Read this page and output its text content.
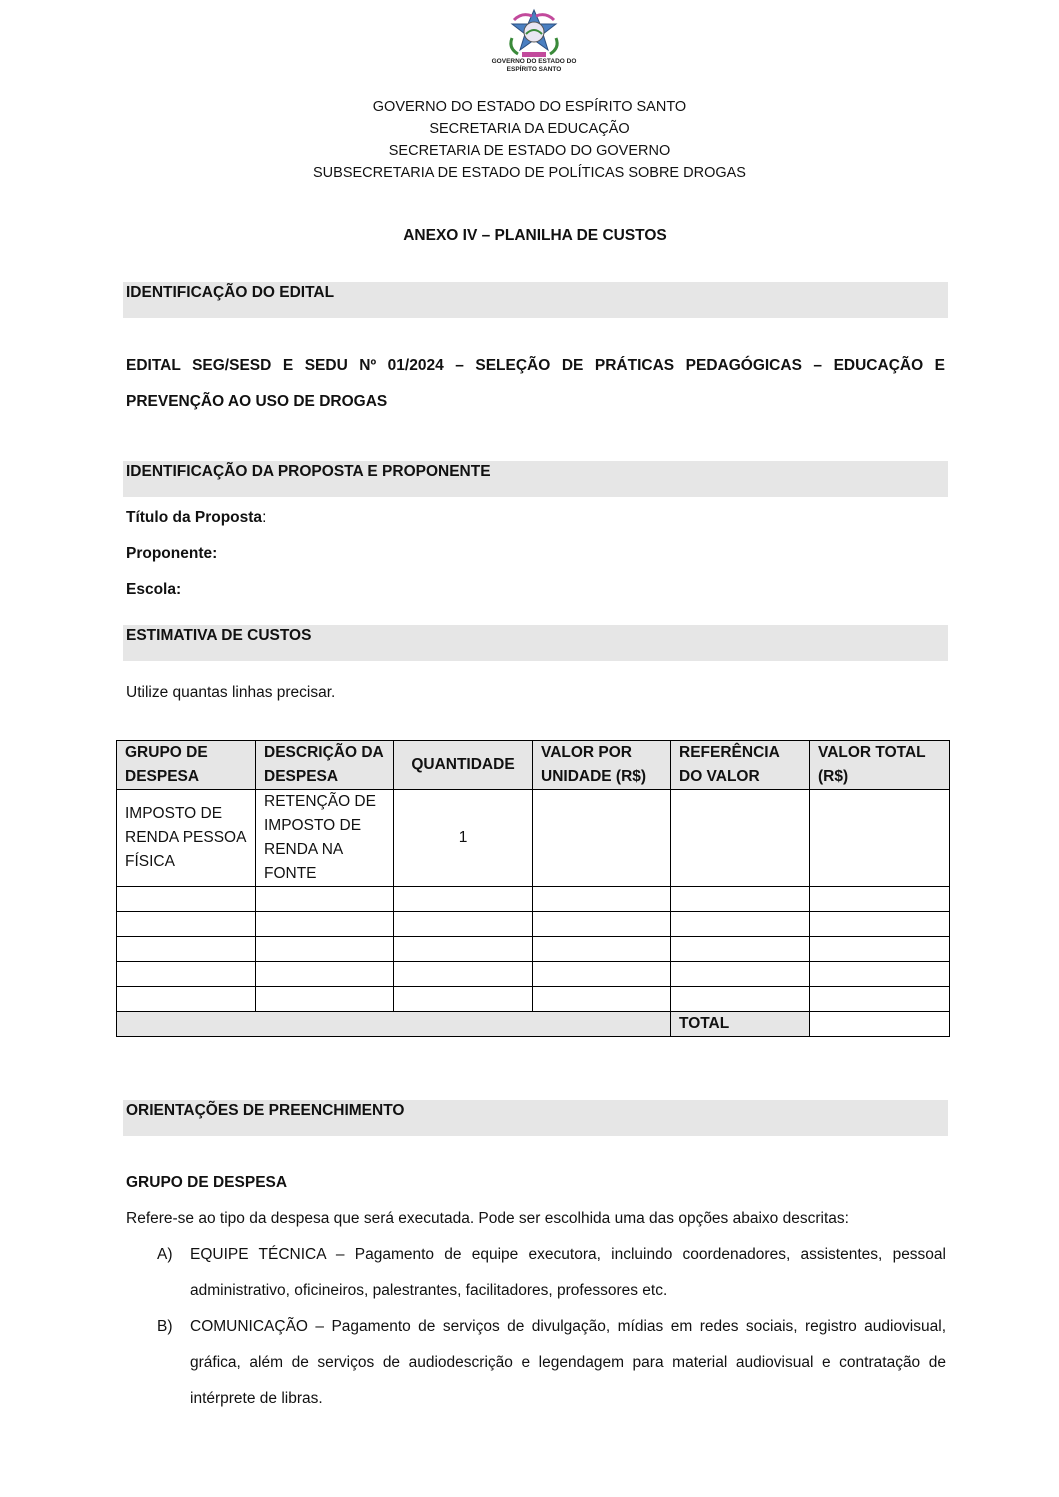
GOVERNO DO ESTADO DO ESPÍRITO SANTO
GOVERNO DO ESTADO DO ESPÍRITO SANTO
SECRETARIA DA EDUCAÇÃO
SECRETARIA DE ESTADO DO GOVERNO
SUBSECRETARIA DE ESTADO DE POLÍTICAS SOBRE DROGAS
ANEXO IV – PLANILHA DE CUSTOS
IDENTIFICAÇÃO DO EDITAL
EDITAL SEG/SESD E SEDU Nº 01/2024 – SELEÇÃO DE PRÁTICAS PEDAGÓGICAS – EDUCAÇÃO E PREVENÇÃO AO USO DE DROGAS
IDENTIFICAÇÃO DA PROPOSTA E PROPONENTE
Título da Proposta:
Proponente:
Escola:
ESTIMATIVA DE CUSTOS
Utilize quantas linhas precisar.
GRUPO DE DESPESA	DESCRIÇÃO DA DESPESA	QUANTIDADE	VALOR POR UNIDADE (R$)	REFERÊNCIA DO VALOR	VALOR TOTAL (R$)
IMPOSTO DE RENDA PESSOA FÍSICA	RETENÇÃO DE IMPOSTO DE RENDA NA FONTE	1			

				TOTAL	
ORIENTAÇÕES DE PREENCHIMENTO
GRUPO DE DESPESA
Refere-se ao tipo da despesa que será executada. Pode ser escolhida uma das opções abaixo descritas:
A) EQUIPE TÉCNICA – Pagamento de equipe executora, incluindo coordenadores, assistentes, pessoal administrativo, oficineiros, palestrantes, facilitadores, professores etc.
B) COMUNICAÇÃO – Pagamento de serviços de divulgação, mídias em redes sociais, registro audiovisual, gráfica, além de serviços de audiodescrição e legendagem para material audiovisual e contratação de intérprete de libras.
